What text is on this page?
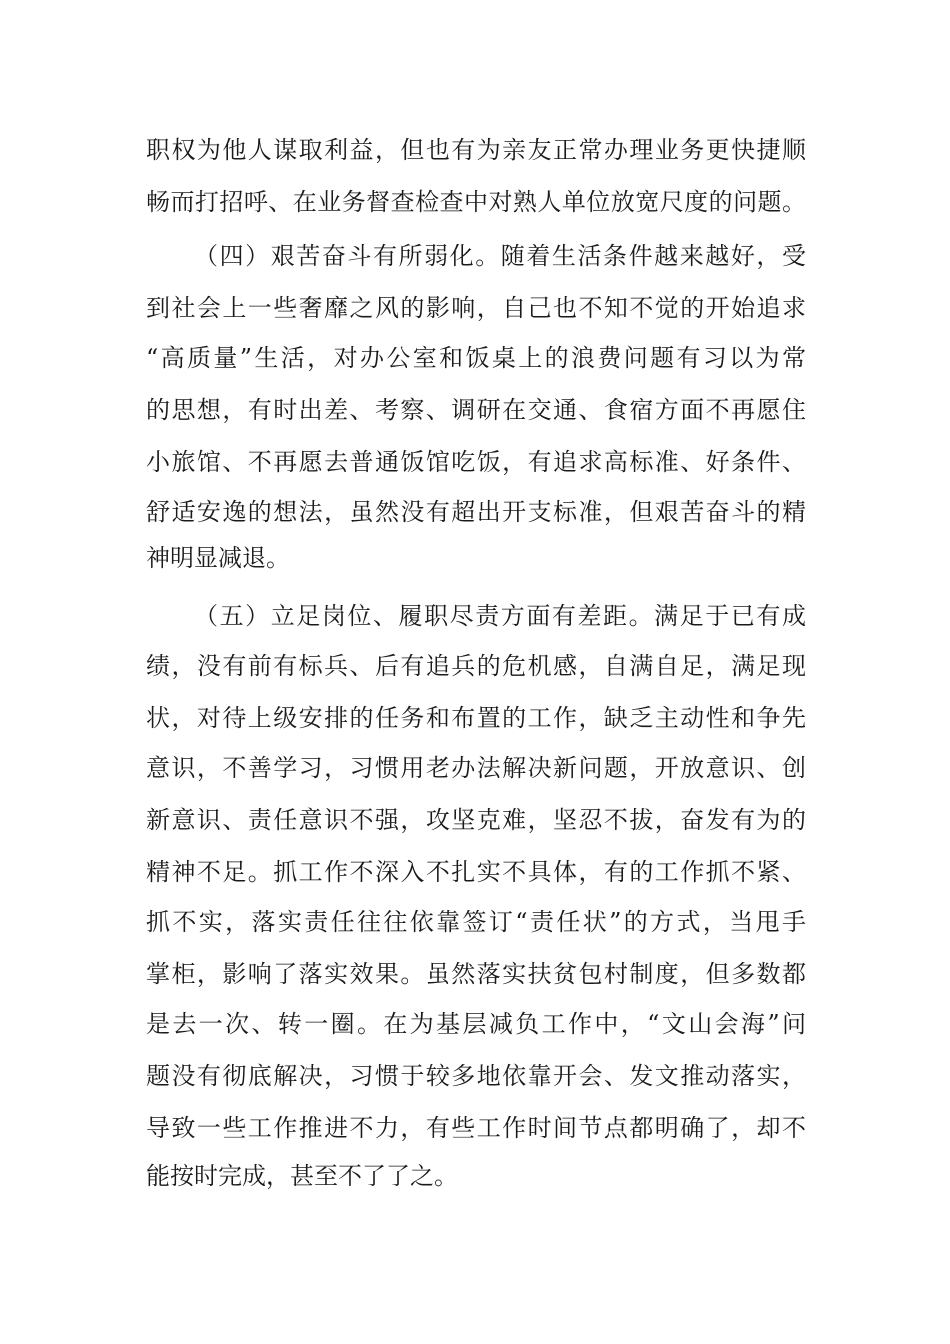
职权为他人谋取利益，但也有为亲友正常办理业务更快捷顺
畅而打招呼、在业务督查检查中对熟人单位放宽尺度的问题。
（四）艰苦奋斗有所弱化。随着生活条件越来越好，受
到社会上一些奢靡之风的影响，自己也不知不觉的开始追求
“高质量”生活，对办公室和饭桌上的浪费问题有习以为常
的思想，有时出差、考察、调研在交通、食宿方面不再愿住
小旅馆、不再愿去普通饭馆吃饭，有追求高标准、好条件、
舒适安逸的想法，虽然没有超出开支标准，但艰苦奋斗的精
神明显减退。
（五）立足岗位、履职尽责方面有差距。满足于已有成
绩，没有前有标兵、后有追兵的危机感，自满自足，满足现
状，对待上级安排的任务和布置的工作，缺乏主动性和争先
意识，不善学习，习惯用老办法解决新问题，开放意识、创
新意识、责任意识不强，攻坚克难，坚忍不拔，奋发有为的
精神不足。抓工作不深入不扎实不具体，有的工作抓不紧、
抓不实，落实责任往往依靠签订“责任状”的方式，当甩手
掌柜，影响了落实效果。虽然落实扶贫包村制度，但多数都
是去一次、转一圈。在为基层减负工作中，“文山会海”问
题没有彻底解决，习惯于较多地依靠开会、发文推动落实，
导致一些工作推进不力，有些工作时间节点都明确了，却不
能按时完成，甚至不了了之。
